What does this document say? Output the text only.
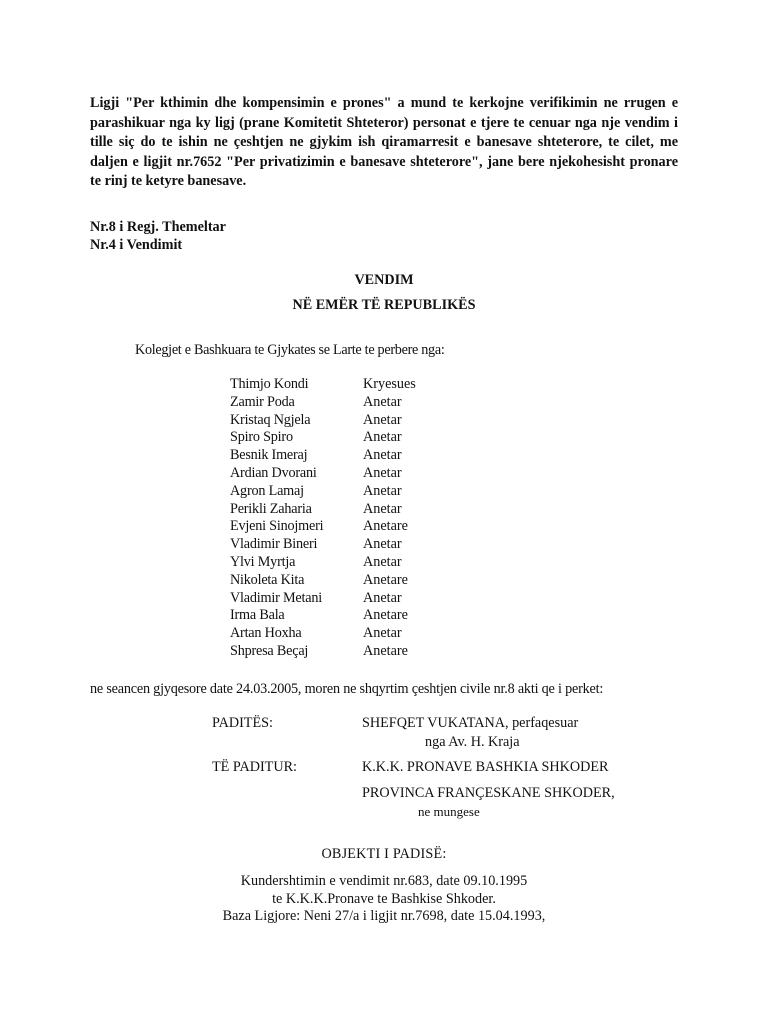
Ligji "Per kthimin dhe kompensimin e prones" a mund te kerkojne verifikimin ne rrugen e parashikuar nga ky ligj (prane Komitetit Shteteror) personat e tjere te cenuar nga nje vendim i tille siç do te ishin ne çeshtjen ne gjykim ish qiramarresit e banesave shteterore, te cilet, me daljen e ligjit nr.7652 "Per privatizimin e banesave shteterore", jane bere njekohesisht pronare te rinj te ketyre banesave.
Nr.8 i Regj. Themeltar
Nr.4 i Vendimit
VENDIM
NË EMËR TË REPUBLIKËS
Kolegjet e Bashkuara te Gjykates se Larte te perbere nga:
Thimjo Kondi	Kryesues
Zamir Poda	Anetar
Kristaq Ngjela	Anetar
Spiro Spiro	Anetar
Besnik Imeraj	Anetar
Ardian Dvorani	Anetar
Agron Lamaj	Anetar
Perikli Zaharia	Anetar
Evjeni Sinojmeri	Anetare
Vladimir Bineri	Anetar
Ylvi Myrtja	Anetar
Nikoleta Kita	Anetare
Vladimir Metani	Anetar
Irma Bala	Anetare
Artan Hoxha	Anetar
Shpresa Beçaj	Anetare
ne seancen gjyqesore date 24.03.2005, moren ne shqyrtim çeshtjen civile nr.8 akti qe i perket:
PADITËS:	SHEFQET VUKATANA, perfaqesuar
nga Av. H. Kraja
TË PADITUR:	K.K.K. PRONAVE BASHKIA SHKODER
PROVINCA FRANÇESKANE SHKODER,
ne mungese
OBJEKTI I PADISË:
Kundershtimin e vendimit nr.683, date 09.10.1995
te K.K.K.Pronave te Bashkise Shkoder.
Baza Ligjore: Neni 27/a i ligjit nr.7698, date 15.04.1993,
